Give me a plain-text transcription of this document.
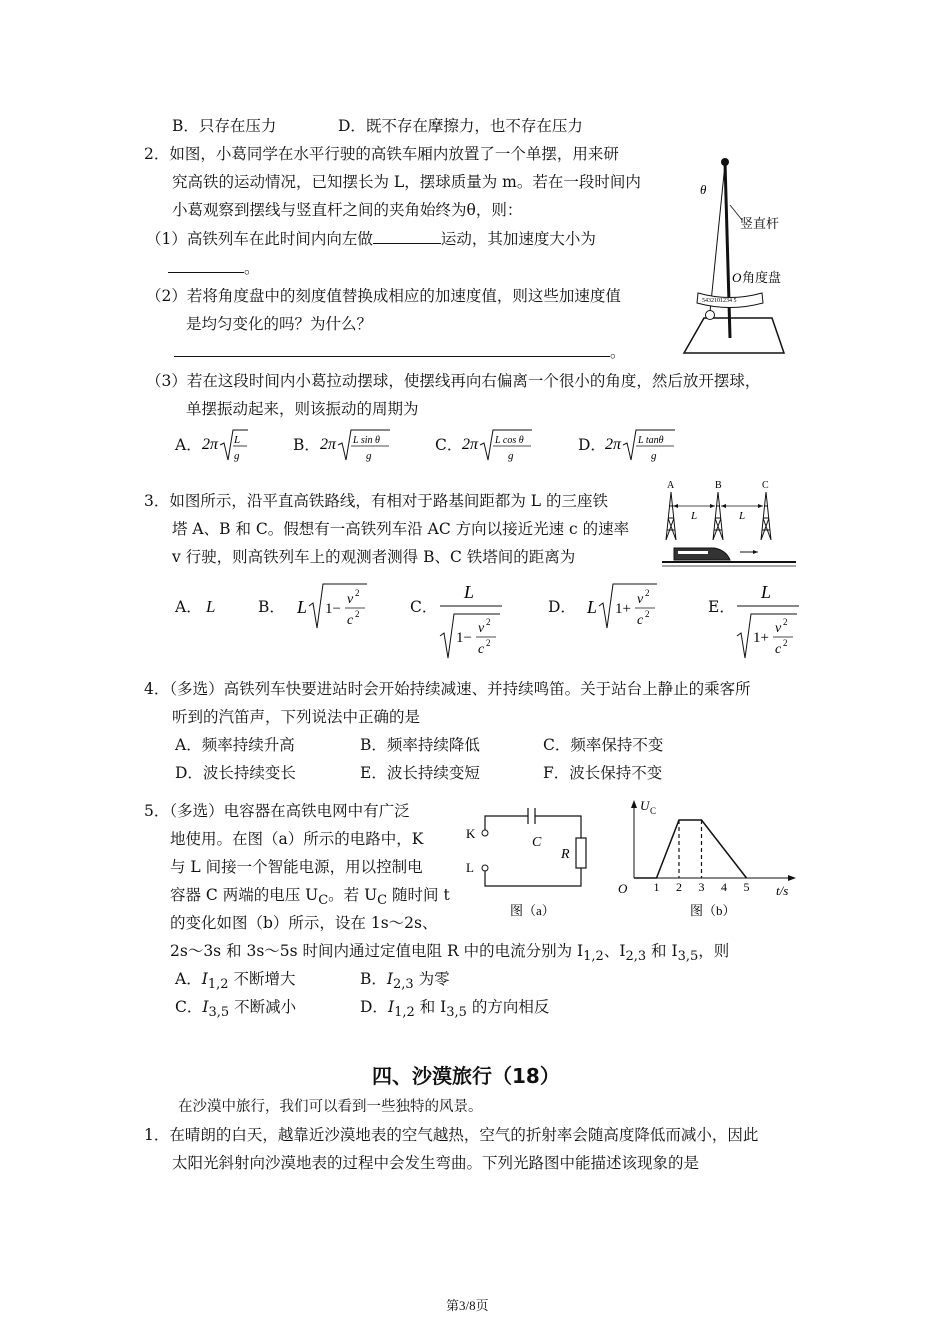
B．只存在压力	D．既不存在摩擦力，也不存在压力
2．如图，小葛同学在水平行驶的高铁车厢内放置了一个单摆，用来研
究高铁的运动情况，已知摆长为 L，摆球质量为 m。若在一段时间内
小葛观察到摆线与竖直杆之间的夹角始终为θ，则：
（1）高铁列车在此时间内向左做	运动，其加速度大小为
。
（2）若将角度盘中的刻度值替换成相应的加速度值，则这些加速度值
是均匀变化的吗？为什么？
。
（3）若在这段时间内小葛拉动摆球，使摆线再向右偏离一个很小的角度，然后放开摆球，
单摆振动起来，则该振动的周期为
A． 2π L
g
B． 2π L sin θ
g
C． 2π L cos θ
g
D． 2π L tanθ
g
5432101234 5
θ
竖直杆
O 角度盘
3．如图所示，沿平直高铁路线，有相对于路基间距都为 L 的三座铁
塔 A、B 和 C。假想有一高铁列车沿 AC 方向以接近光速 c 的速率
v 行驶，则高铁列车上的观测者测得 B、C 铁塔间的距离为
A	B	C
L	L
A． L	B． L 1−
v 2
c 2	C．
L
1−
v 2
c 2
D． L 1+
v 2
c 2	E．
L
1+
v 2
c 2
4．（多选）高铁列车快要进站时会开始持续减速、并持续鸣笛。关于站台上静止的乘客所
听到的汽笛声，下列说法中正确的是
A．频率持续升高	B．频率持续降低	C．频率保持不变
D．波长持续变长	E．波长持续变短	F．波长保持不变
5．（多选）电容器在高铁电网中有广泛
地使用。在图（a）所示的电路中，K
与 L 间接一个智能电源，用以控制电
容器 C 两端的电压 $U_C$。若 $U_C$ 随时间 t
的变化如图（b）所示，设在 1s～2s、
2s～3s 和 3s～5s 时间内通过定值电阻 R 中的电流分别为 $I_{1,2}$、$I_{2,3}$ 和 $I_{3,5}$，则
A．$I_{1,2}$ 不断增大	B．$I_{2,3}$ 为零
C．$I_{3,5}$ 不断减小	D．$I_{1,2}$ 和 $I_{3,5}$ 的方向相反
K
L
C
R
图（a）
U C
O	t/s
1 2 3 4 5
图（b）
四、沙漠旅行（18）
在沙漠中旅行，我们可以看到一些独特的风景。
1．在晴朗的白天，越靠近沙漠地表的空气越热，空气的折射率会随高度降低而减小，因此
太阳光斜射向沙漠地表的过程中会发生弯曲。下列光路图中能描述该现象的是
第3/8页
